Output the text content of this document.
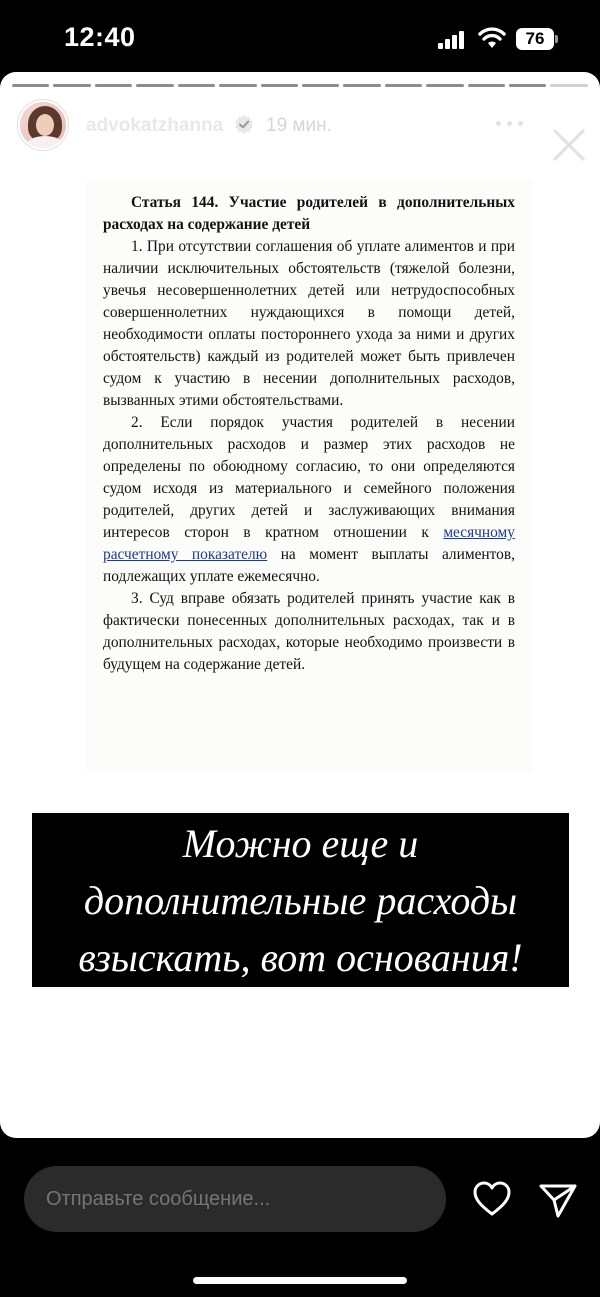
12:40	76
advokatzhanna 19 мин.

Статья 144. Участие родителей в дополнительных расходах на содержание детей

1. При отсутствии соглашения об уплате алиментов и при наличии исключительных обстоятельств (тяжелой болезни, увечья несовершеннолетних детей или нетрудоспособных совершеннолетних нуждающихся в помощи детей, необходимости оплаты постороннего ухода за ними и других обстоятельств) каждый из родителей может быть привлечен судом к участию в несении дополнительных расходов, вызванных этими обстоятельствами.

2. Если порядок участия родителей в несении дополнительных расходов и размер этих расходов не определены по обоюдному согласию, то они определяются судом исходя из материального и семейного положения родителей, других детей и заслуживающих внимания интересов сторон в кратном отношении к месячному расчетному показателю на момент выплаты алиментов, подлежащих уплате ежемесячно.

3. Суд вправе обязать родителей принять участие как в фактически понесенных дополнительных расходах, так и в дополнительных расходах, которые необходимо произвести в будущем на содержание детей.

Можно еще и
дополнительные расходы
взыскать, вот основания!
Отправьте сообщение...
